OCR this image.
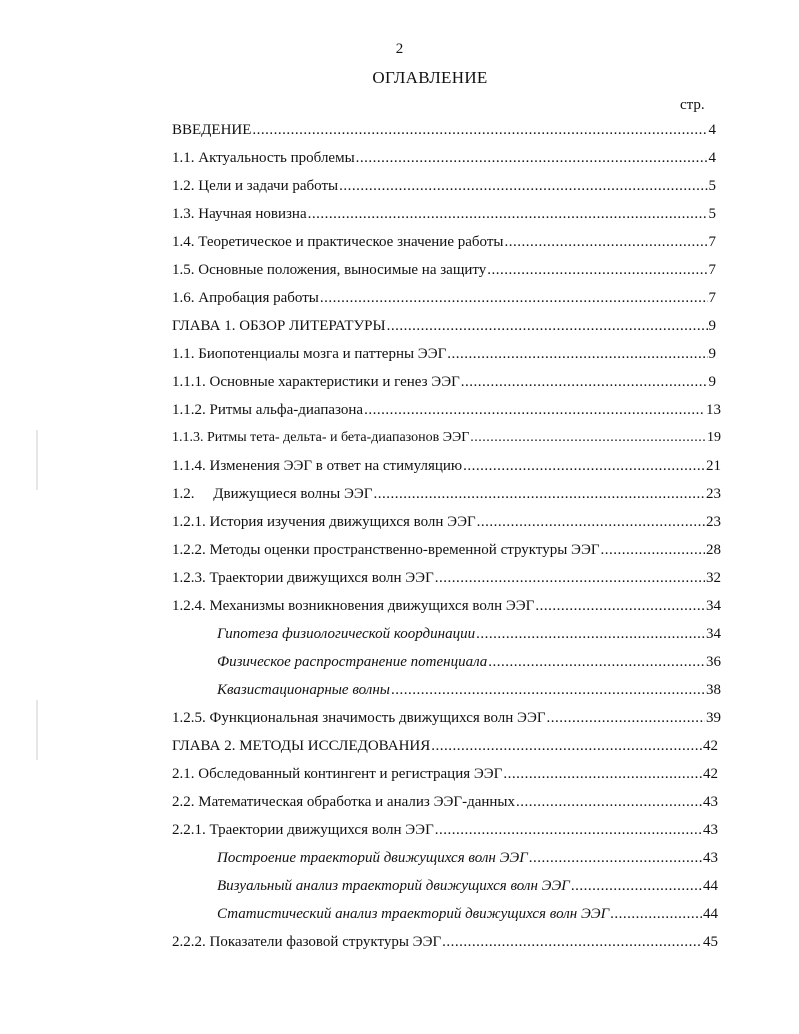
2
ОГЛАВЛЕНИЕ
стр.
ВВЕДЕНИЕ .....	4
1.1. Актуальность проблемы .....	4
1.2. Цели и задачи работы .....	5
1.3. Научная новизна .....	5
1.4. Теоретическое и практическое значение работы .....	7
1.5. Основные положения, выносимые на защиту .....	7
1.6. Апробация работы .....	7
ГЛАВА 1. ОБЗОР ЛИТЕРАТУРЫ .....	9
1.1. Биопотенциалы мозга и паттерны ЭЭГ .....	9
1.1.1. Основные характеристики и генез ЭЭГ .....	9
1.1.2. Ритмы альфа-диапазона .....	13
1.1.3. Ритмы тета- дельта- и бета-диапазонов ЭЭГ .....	19
1.1.4. Изменения ЭЭГ в ответ на стимуляцию .....	21
1.2.     Движущиеся волны ЭЭГ .....	23
1.2.1. История изучения движущихся волн ЭЭГ .....	23
1.2.2. Методы оценки пространственно-временной структуры ЭЭГ .....	28
1.2.3. Траектории движущихся волн ЭЭГ .....	32
1.2.4. Механизмы возникновения движущихся волн ЭЭГ .....	34
Гипотеза физиологической координации .....	34
Физическое распространение потенциала .....	36
Квазистационарные волны .....	38
1.2.5. Функциональная значимость движущихся волн ЭЭГ .....	39
ГЛАВА 2. МЕТОДЫ ИССЛЕДОВАНИЯ .....	42
2.1. Обследованный контингент и регистрация ЭЭГ .....	42
2.2. Математическая обработка и анализ ЭЭГ-данных .....	43
2.2.1. Траектории движущихся волн ЭЭГ .....	43
Построение траекторий движущихся волн ЭЭГ .....	43
Визуальный анализ траекторий движущихся волн ЭЭГ .....	44
Статистический анализ траекторий движущихся волн ЭЭГ .....	44
2.2.2. Показатели фазовой структуры ЭЭГ .....	45
